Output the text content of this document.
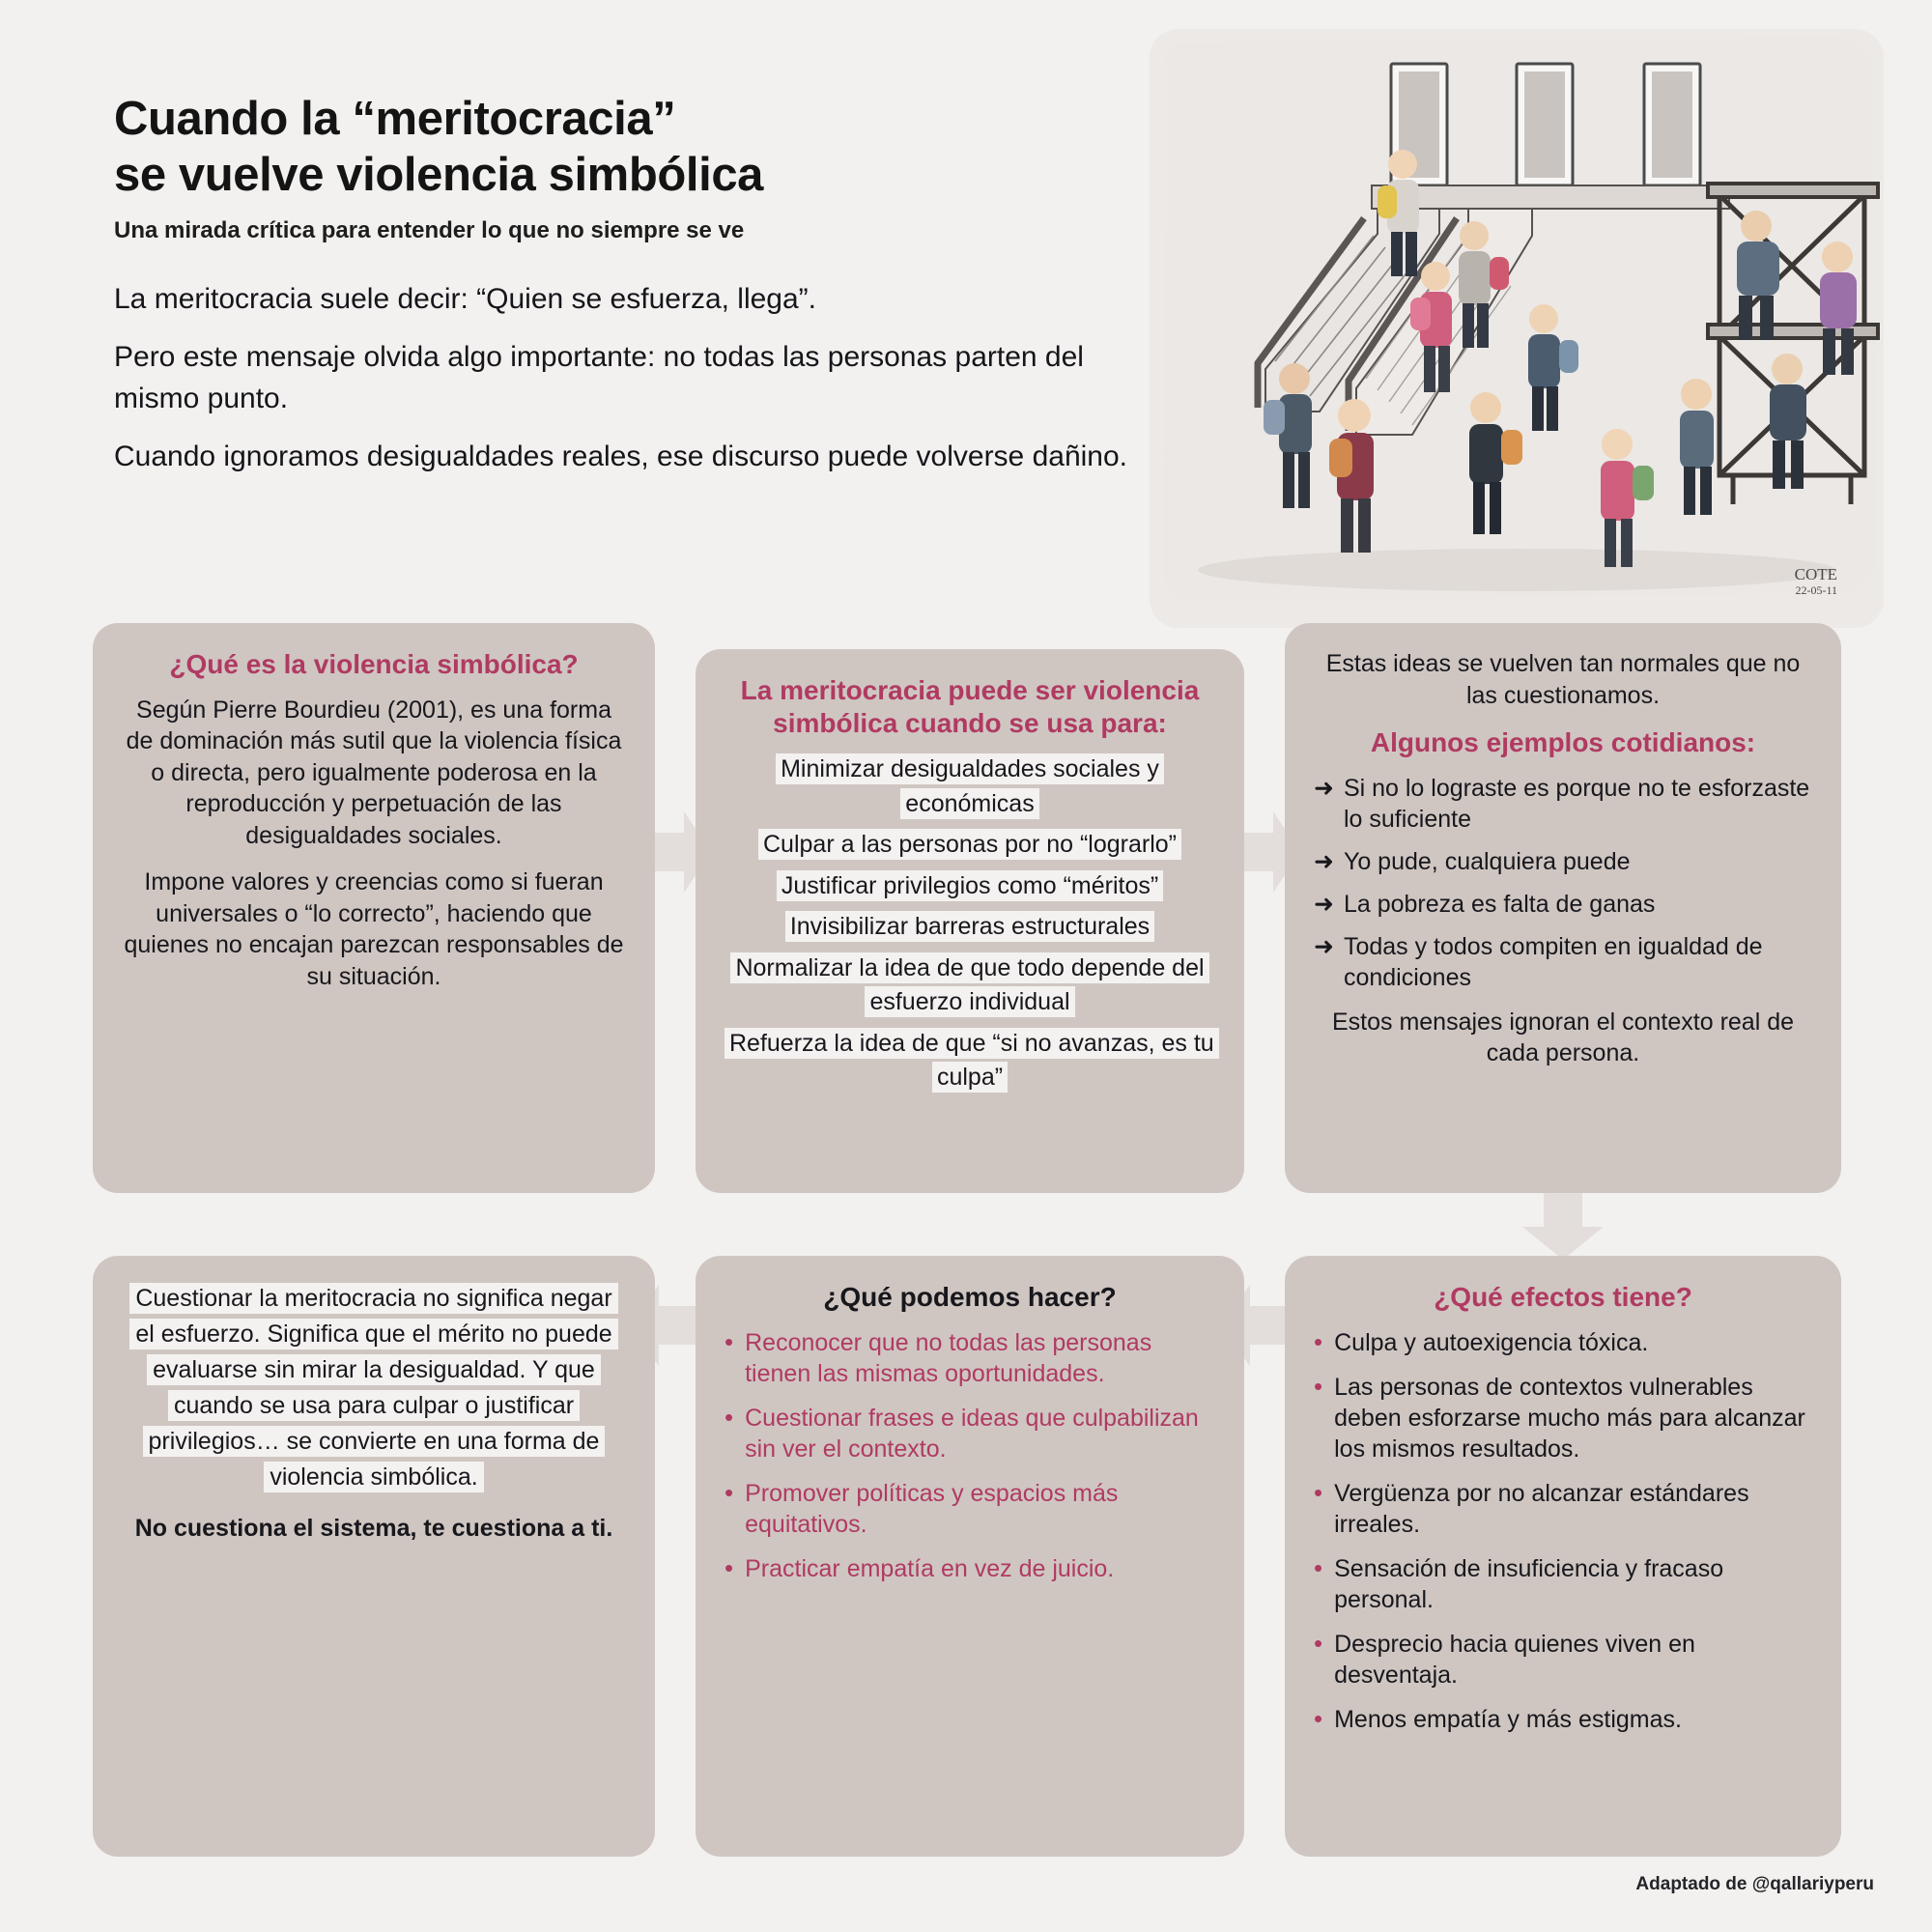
Cuando la “meritocracia”
se vuelve violencia simbólica

Una mirada crítica para entender lo que no siempre se ve

La meritocracia suele decir: “Quien se esfuerza, llega”.

Pero este mensaje olvida algo importante: no todas las personas parten del mismo punto.

Cuando ignoramos desigualdades reales, ese discurso puede volverse dañino.

COTE
22-05-11
¿Qué es la violencia simbólica?

Según Pierre Bourdieu (2001), es una forma de dominación más sutil que la violencia física o directa, pero igualmente poderosa en la reproducción y perpetuación de las desigualdades sociales.

Impone valores y creencias como si fueran universales o “lo correcto”, haciendo que quienes no encajan parezcan responsables de su situación.

La meritocracia puede ser violencia simbólica cuando se usa para:
Minimizar desigualdades sociales y económicas
Culpar a las personas por no “lograrlo”
Justificar privilegios como “méritos”
Invisibilizar barreras estructurales
Normalizar la idea de que todo depende del esfuerzo individual
Refuerza la idea de que “si no avanzas, es tu culpa”

Estas ideas se vuelven tan normales que no las cuestionamos.

Algunos ejemplos cotidianos:
➜ Si no lo lograste es porque no te esforzaste lo suficiente
➜ Yo pude, cualquiera puede
➜ La pobreza es falta de ganas
➜ Todas y todos compiten en igualdad de condiciones

Estos mensajes ignoran el contexto real de cada persona.

¿Qué efectos tiene?
• Culpa y autoexigencia tóxica.
• Las personas de contextos vulnerables deben esforzarse mucho más para alcanzar los mismos resultados.
• Vergüenza por no alcanzar estándares irreales.
• Sensación de insuficiencia y fracaso personal.
• Desprecio hacia quienes viven en desventaja.
• Menos empatía y más estigmas.
¿Qué podemos hacer?
• Reconocer que no todas las personas tienen las mismas oportunidades.
• Cuestionar frases e ideas que culpabilizan sin ver el contexto.
• Promover políticas y espacios más equitativos.
• Practicar empatía en vez de juicio.
Cuestionar la meritocracia no significa negar el esfuerzo. Significa que el mérito no puede evaluarse sin mirar la desigualdad. Y que cuando se usa para culpar o justificar privilegios… se convierte en una forma de violencia simbólica.
No cuestiona el sistema, te cuestiona a ti.
Adaptado de @qallariyperu
